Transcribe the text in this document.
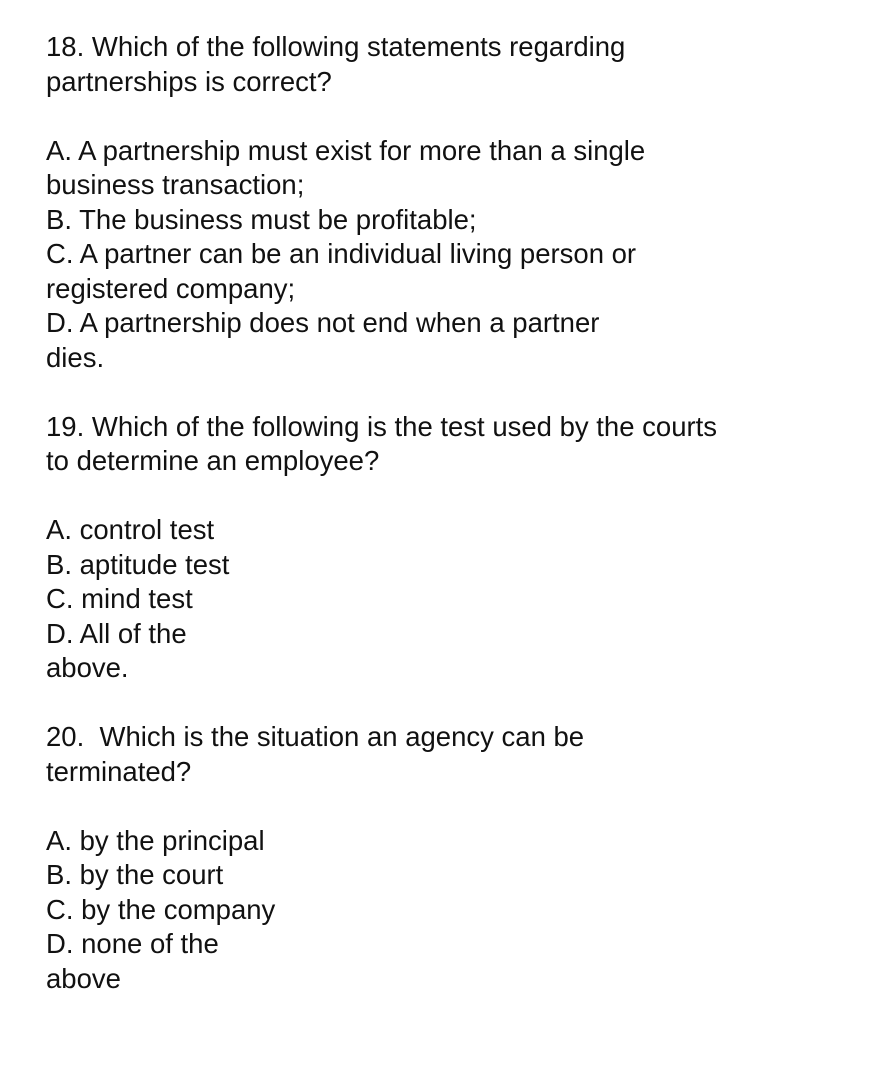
18. Which of the following statements regarding
partnerships is correct?
A. A partnership must exist for more than a single
business transaction;
B. The business must be profitable;
C. A partner can be an individual living person or
registered company;
D. A partnership does not end when a partner
dies.
19. Which of the following is the test used by the courts
to determine an employee?
A. control test
B. aptitude test
C. mind test
D. All of the
above.
20.  Which is the situation an agency can be
terminated?
A. by the principal
B. by the court
C. by the company
D. none of the
above
